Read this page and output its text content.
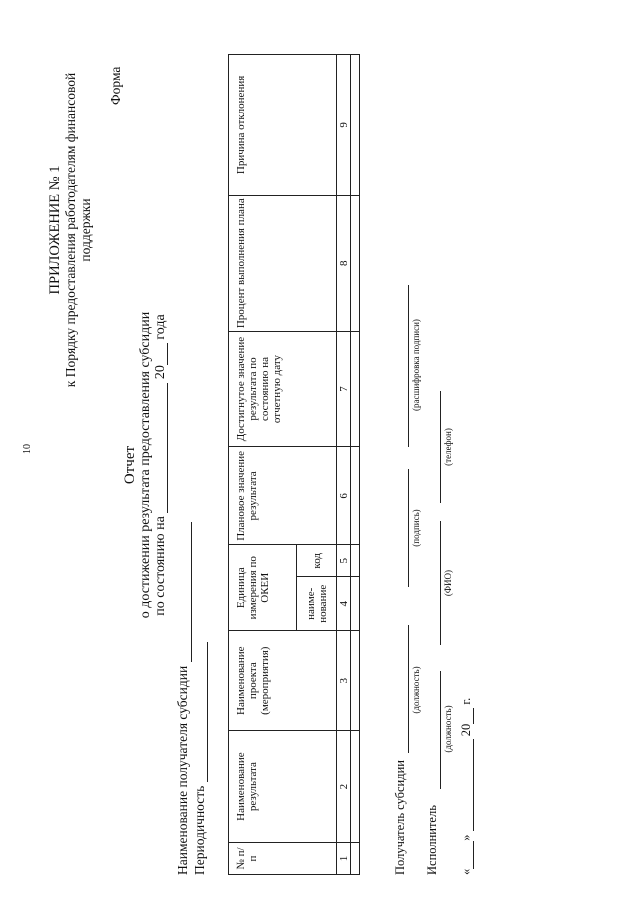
10
ПРИЛОЖЕНИЕ № 1 к Порядку предоставления работодателям финансовой поддержки
Форма
Отчет о достижении результата предоставления субсидии по состоянию на  20 года
Наименование получателя субсидии Периодичность	№ п/п	Наименование результата	Наименование проекта (мероприятия)	Единица измерения по ОКЕИ		Плановое значение результата	Достигнутое значение результата по состоянию на отчетную дату	Процент выполнения плана	Причина отклонения
			наиме-нование	код				
1	2	3	4	5	6	7	8	9

Получатель субсидии
(должность)
(подпись)
(расшифровка подписи)
Исполнитель
(должность)
(ФИО)
(телефон)
«»  20 г.
